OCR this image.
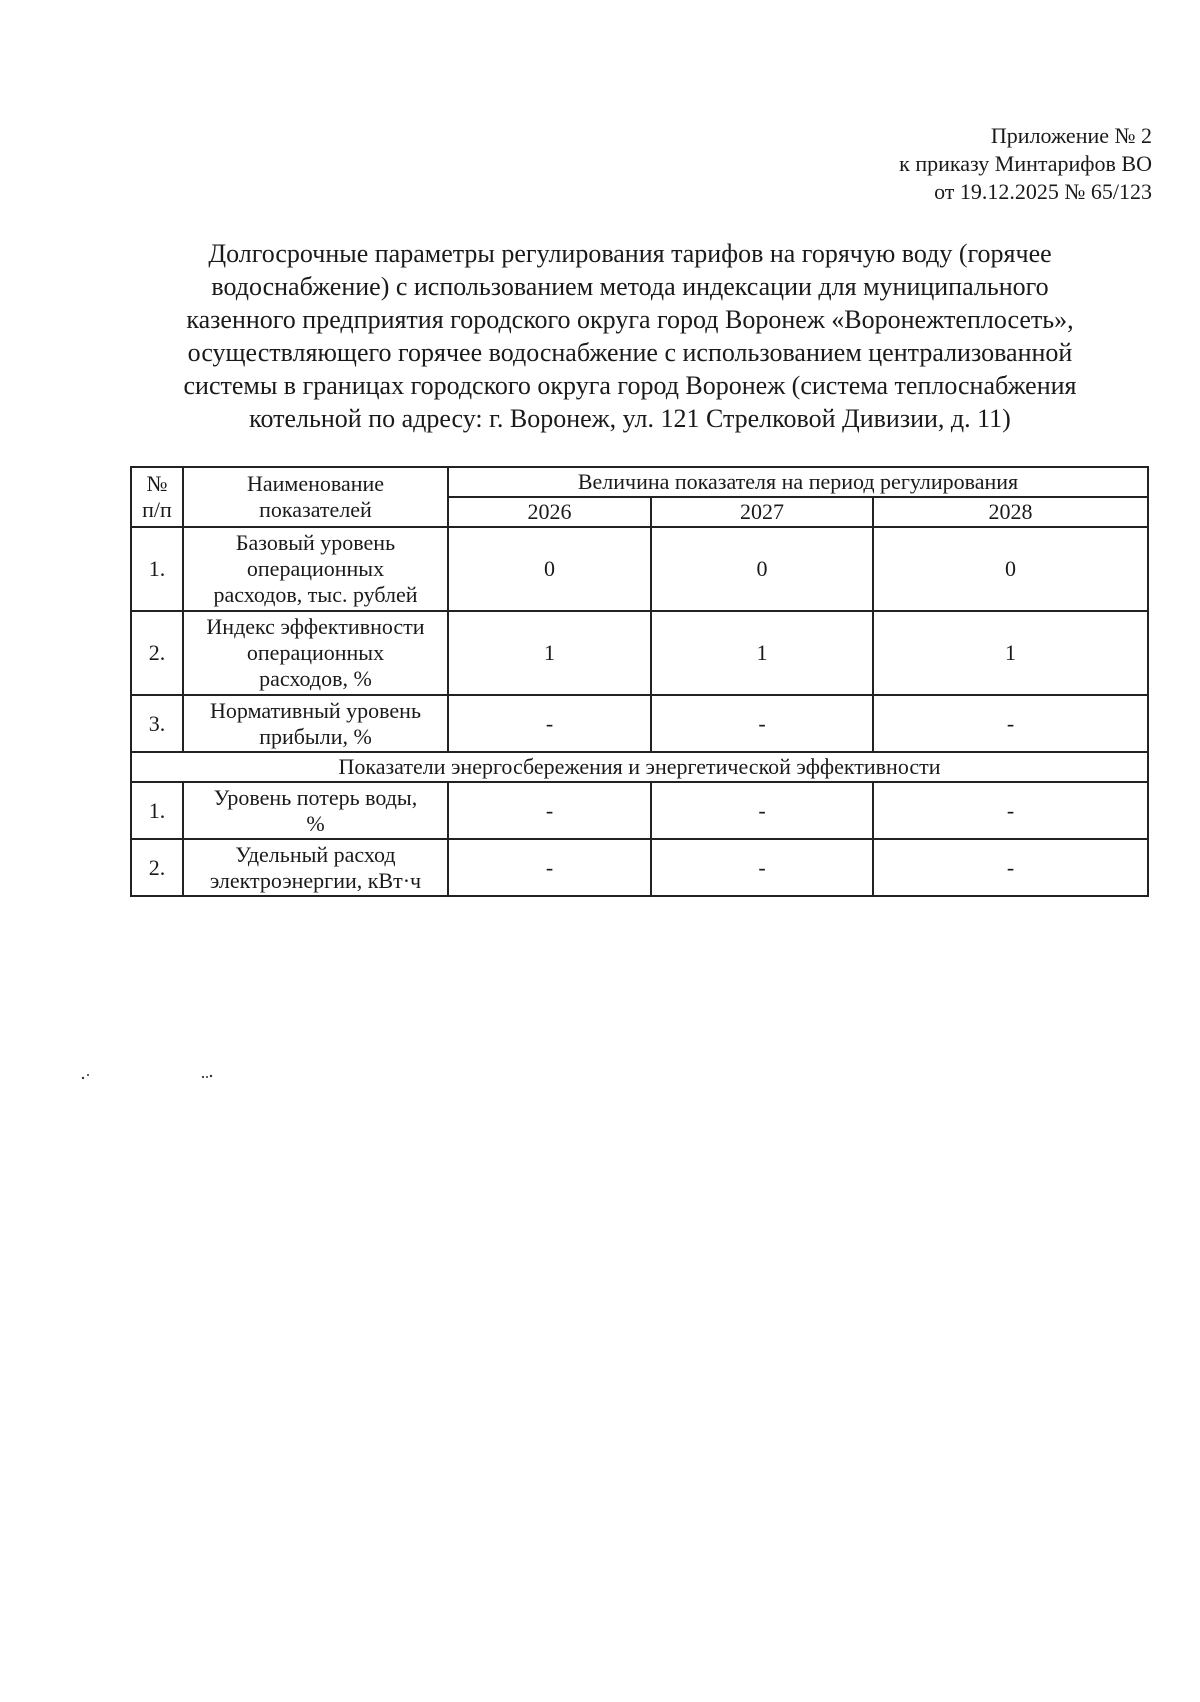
Приложение № 2
к приказу Минтарифов ВО
от 19.12.2025 № 65/123
Долгосрочные параметры регулирования тарифов на горячую воду (горячее
водоснабжение) с использованием метода индексации для муниципального
казенного предприятия городского округа город Воронеж «Воронежтеплосеть»,
осуществляющего горячее водоснабжение с использованием централизованной
системы в границах городского округа город Воронеж (система теплоснабжения
котельной по адресу: г. Воронеж, ул. 121 Стрелковой Дивизии, д. 11)
№
п/п	Наименование
показателей	Величина показателя на период регулирования		
		2026	2027	2028
1.	Базовый уровень
операционных
расходов, тыс. рублей	0	0	0
2.	Индекс эффективности
операционных
расходов, %	1	1	1
3.	Нормативный уровень
прибыли, %	-	-	-
Показатели энергосбережения и энергетической эффективности				
1.	Уровень потерь воды,
%	-	-	-
2.	Удельный расход
электроэнергии, кВт·ч	-	-	-
